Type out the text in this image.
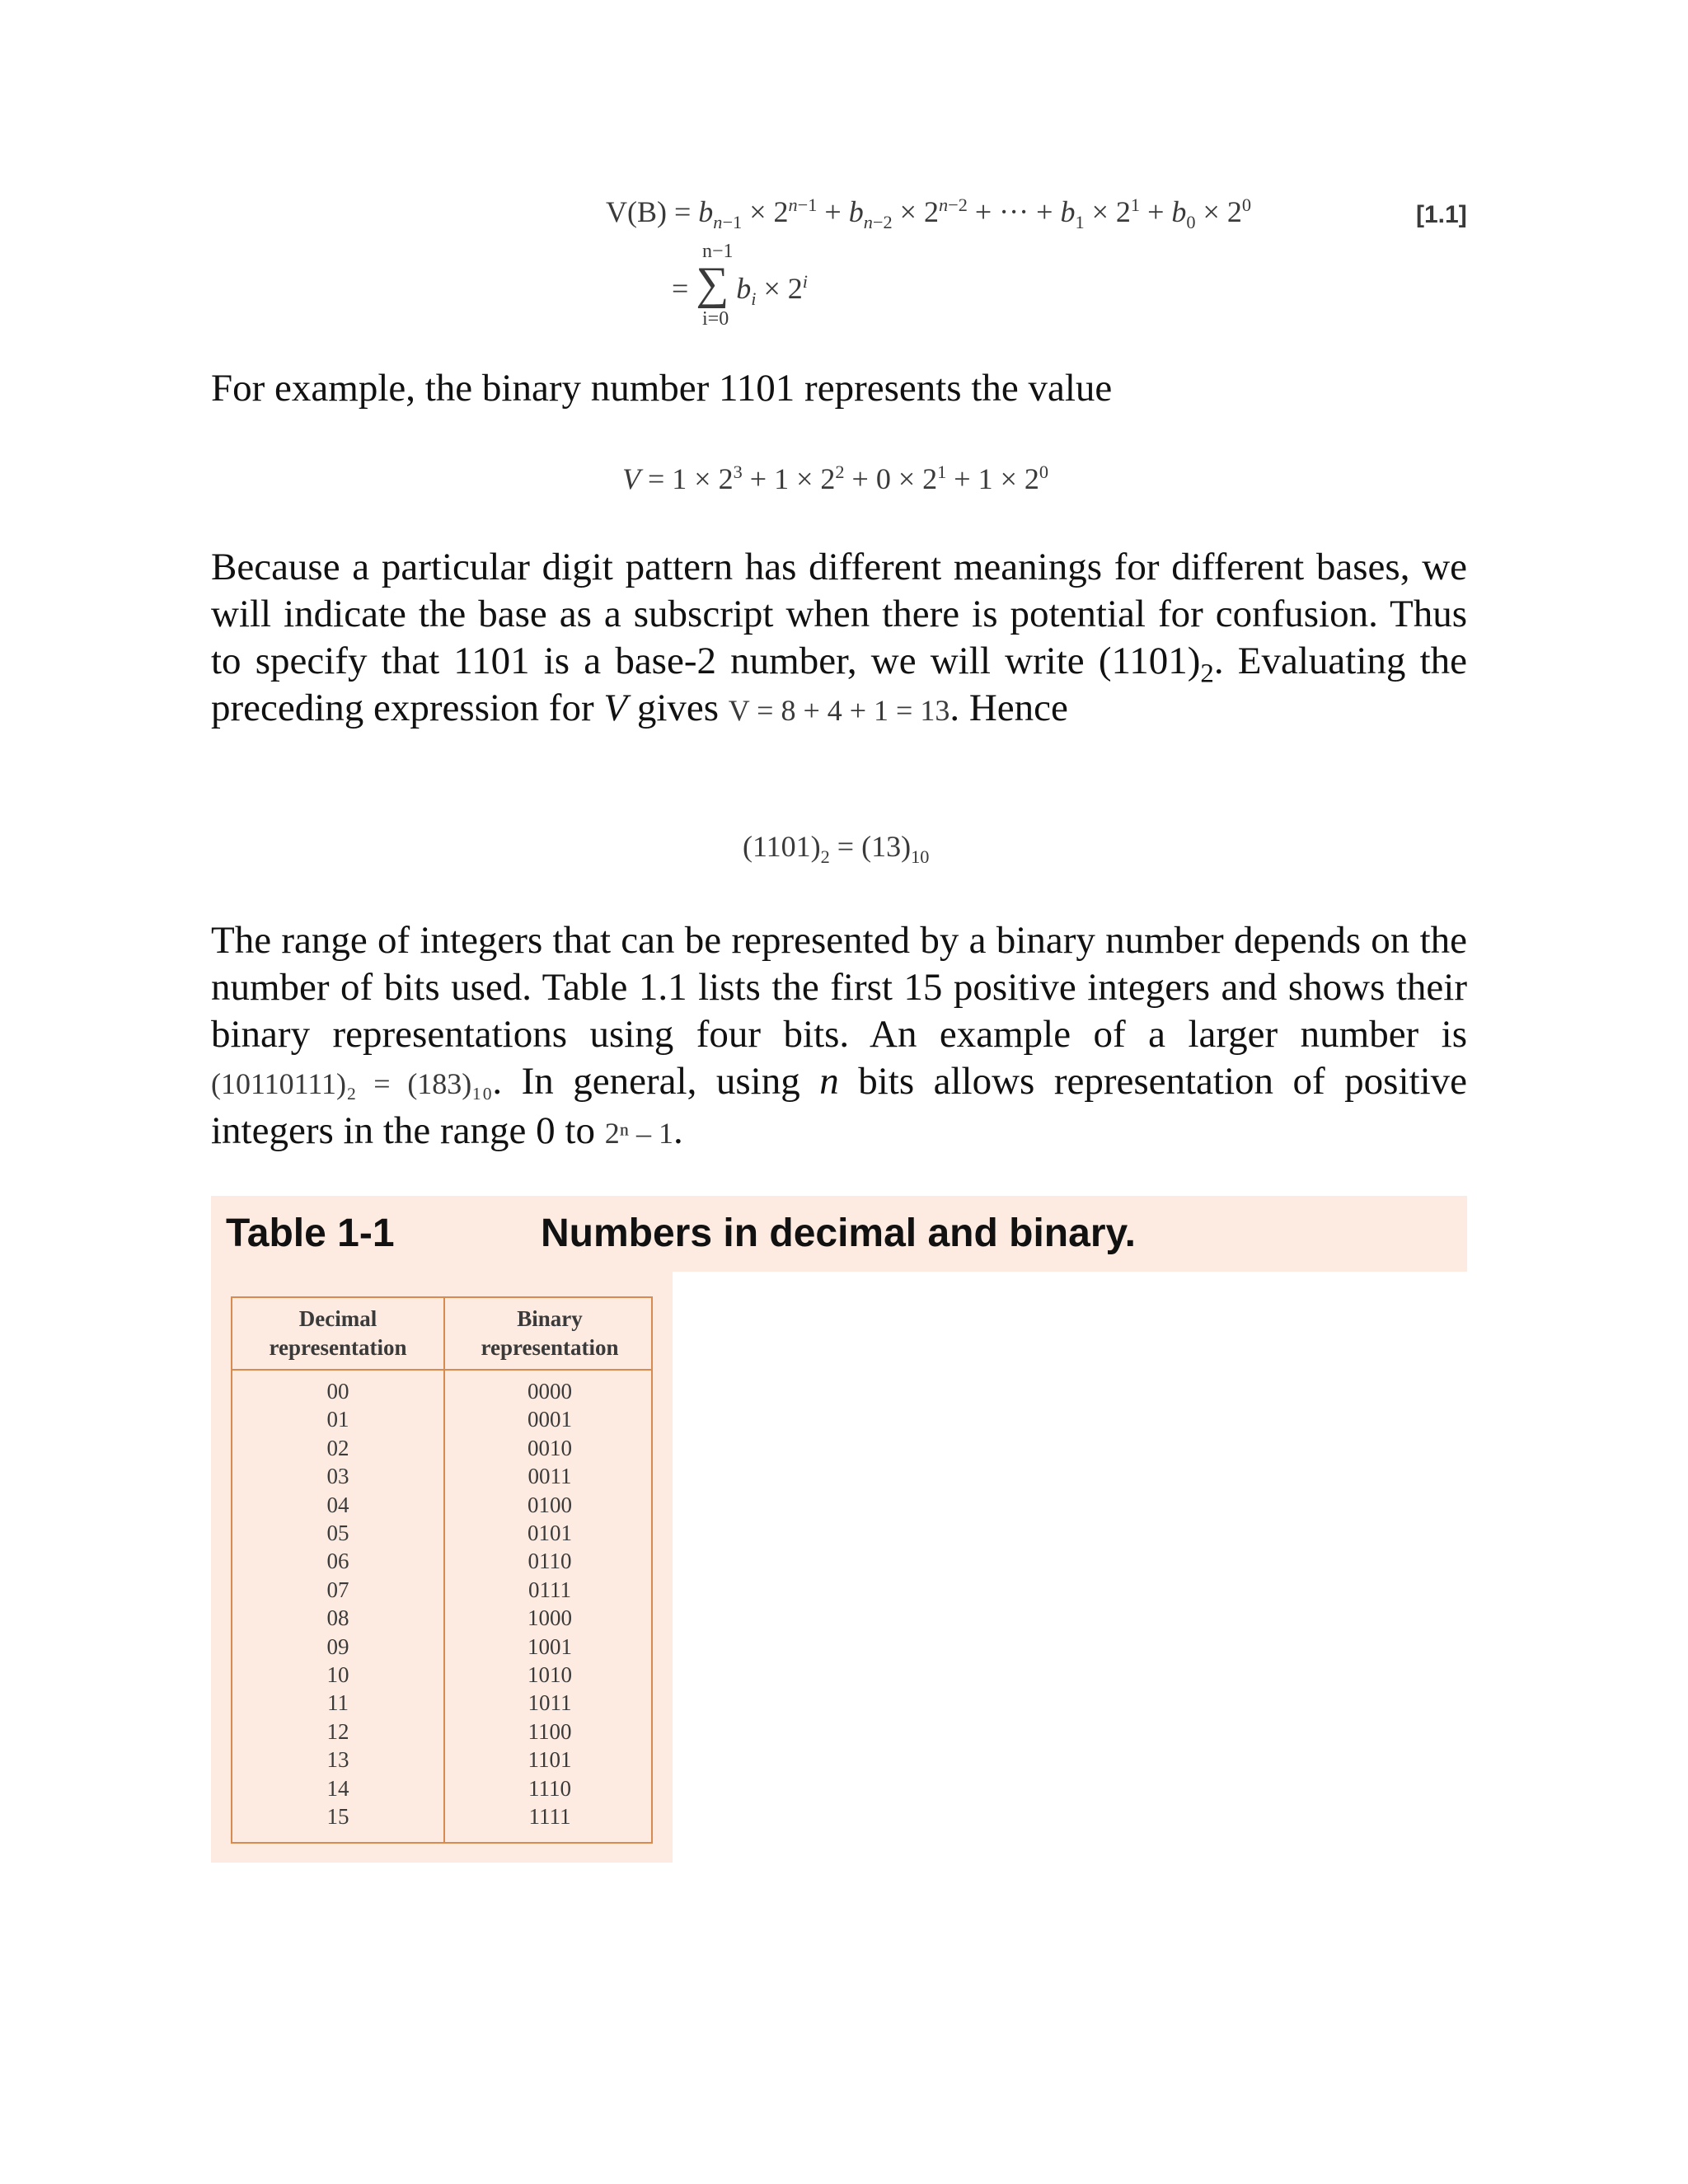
$V(B) = b_{n-1} \times 2^{n-1} + b_{n-2} \times 2^{n-2}$ + ··· + $b_1 \times 2^1 + b_0 \times 2^0$	[1.1]
n−1
= ∑ $b_i \times 2^i$
i=0
For example, the binary number 1101 represents the value
$V = 1 \times 2^3 + 1 \times 2^2 + 0 \times 2^1 + 1 \times 2^0$
Because a particular digit pattern has different meanings for different bases, we will indicate the base as a subscript when there is potential for confusion. Thus to specify that 1101 is a base-2 number, we will write $(1101)_2$. Evaluating the preceding expression for V gives V = 8 + 4 + 1 = 13. Hence
$(1101)_2 = (13)_{10}$
The range of integers that can be represented by a binary number depends on the number of bits used. Table 1.1 lists the first 15 positive integers and shows their binary representations using four bits. An example of a larger number is (10110111)₂ = (183)₁₀. In general, using n bits allows representation of positive integers in the range 0 to 2ⁿ – 1.
Table 1-1	Numbers in decimal and binary.
Decimal
representation
Binary
representation
00
01
02
03
04
05
06
07
08
09
10
11
12
13
14
15
0000
0001
0010
0011
0100
0101
0110
0111
1000
1001
1010
1011
1100
1101
1110
1111
